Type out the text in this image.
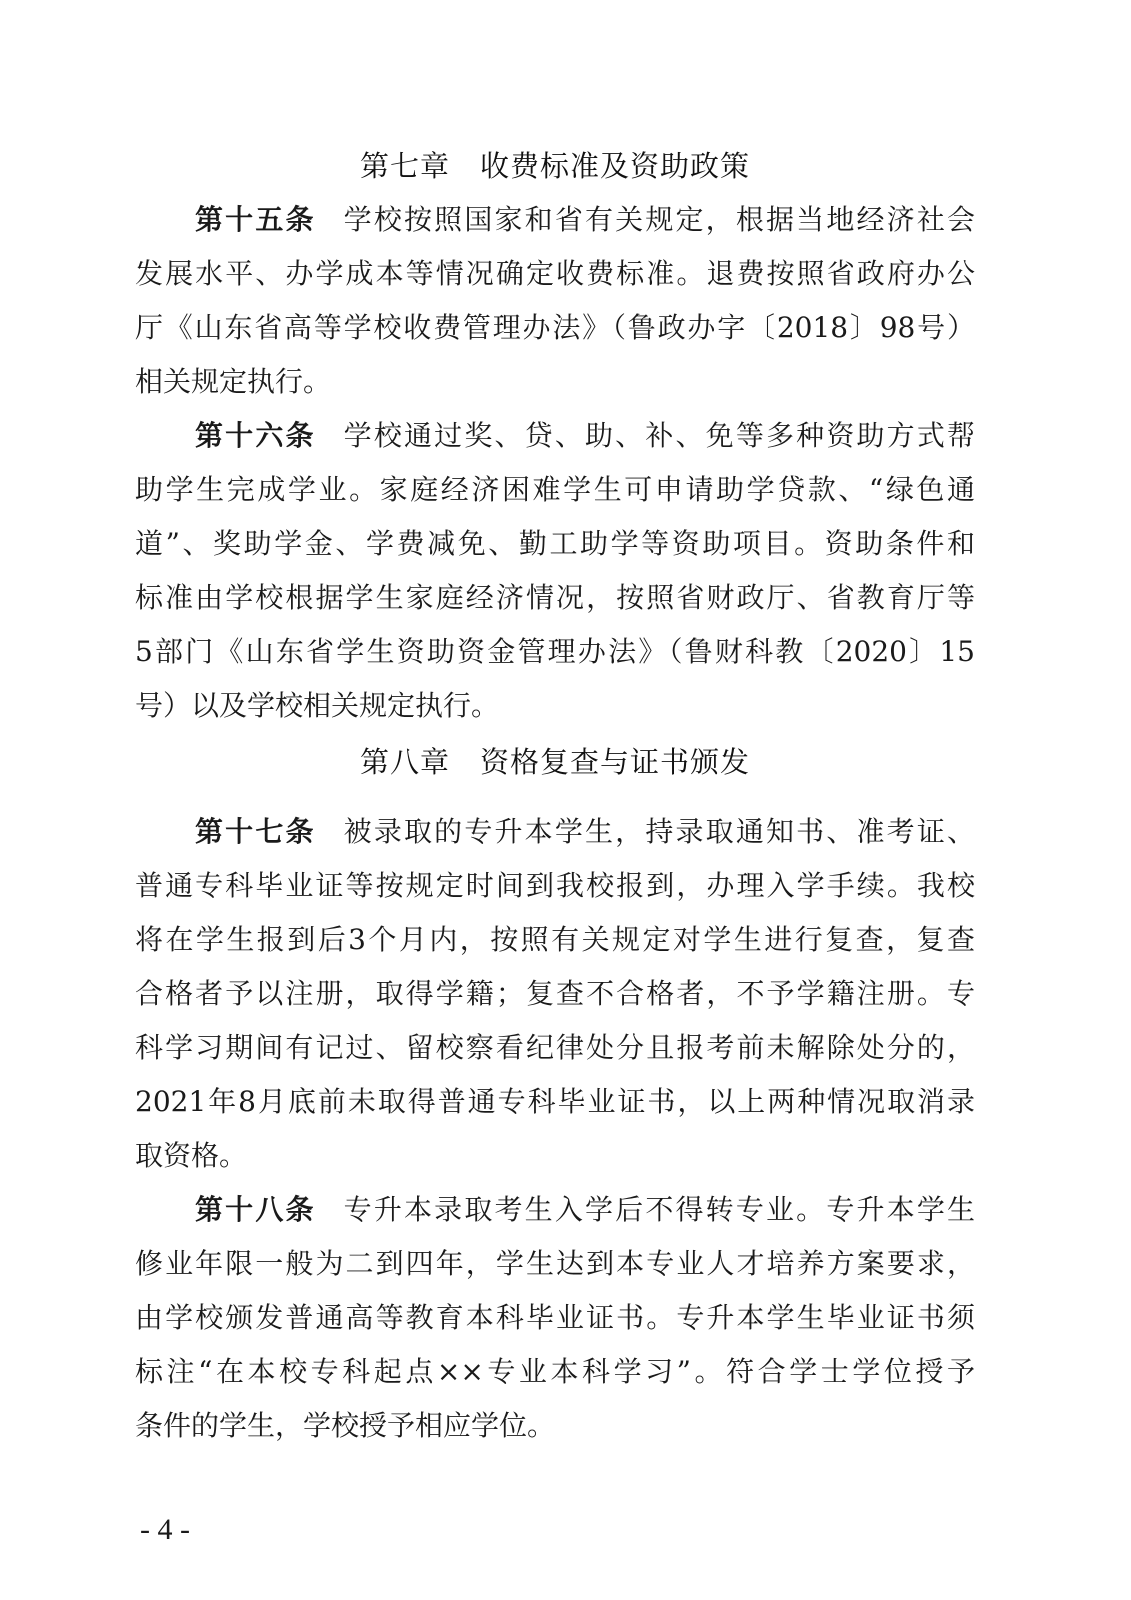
第七章　收费标准及资助政策
第十五条 学校按照国家和省有关规定，根据当地经济社会
发展水平、办学成本等情况确定收费标准。退费按照省政府办公
厅《山东省高等学校收费管理办法》（鲁政办字〔2018〕98号）
相关规定执行。
第十六条 学校通过奖、贷、助、补、免等多种资助方式帮
助学生完成学业。家庭经济困难学生可申请助学贷款、“绿色通
道”、奖助学金、学费减免、勤工助学等资助项目。资助条件和
标准由学校根据学生家庭经济情况，按照省财政厅、省教育厅等
5部门《山东省学生资助资金管理办法》（鲁财科教〔2020〕15
号）以及学校相关规定执行。
第八章　资格复查与证书颁发
第十七条 被录取的专升本学生，持录取通知书、准考证、
普通专科毕业证等按规定时间到我校报到，办理入学手续。我校
将在学生报到后3个月内，按照有关规定对学生进行复查，复查
合格者予以注册，取得学籍；复查不合格者，不予学籍注册。专
科学习期间有记过、留校察看纪律处分且报考前未解除处分的，
2021年8月底前未取得普通专科毕业证书，以上两种情况取消录
取资格。
第十八条 专升本录取考生入学后不得转专业。专升本学生
修业年限一般为二到四年，学生达到本专业人才培养方案要求，
由学校颁发普通高等教育本科毕业证书。专升本学生毕业证书须
标注“在本校专科起点××专业本科学习”。符合学士学位授予
条件的学生，学校授予相应学位。
- 4 -
